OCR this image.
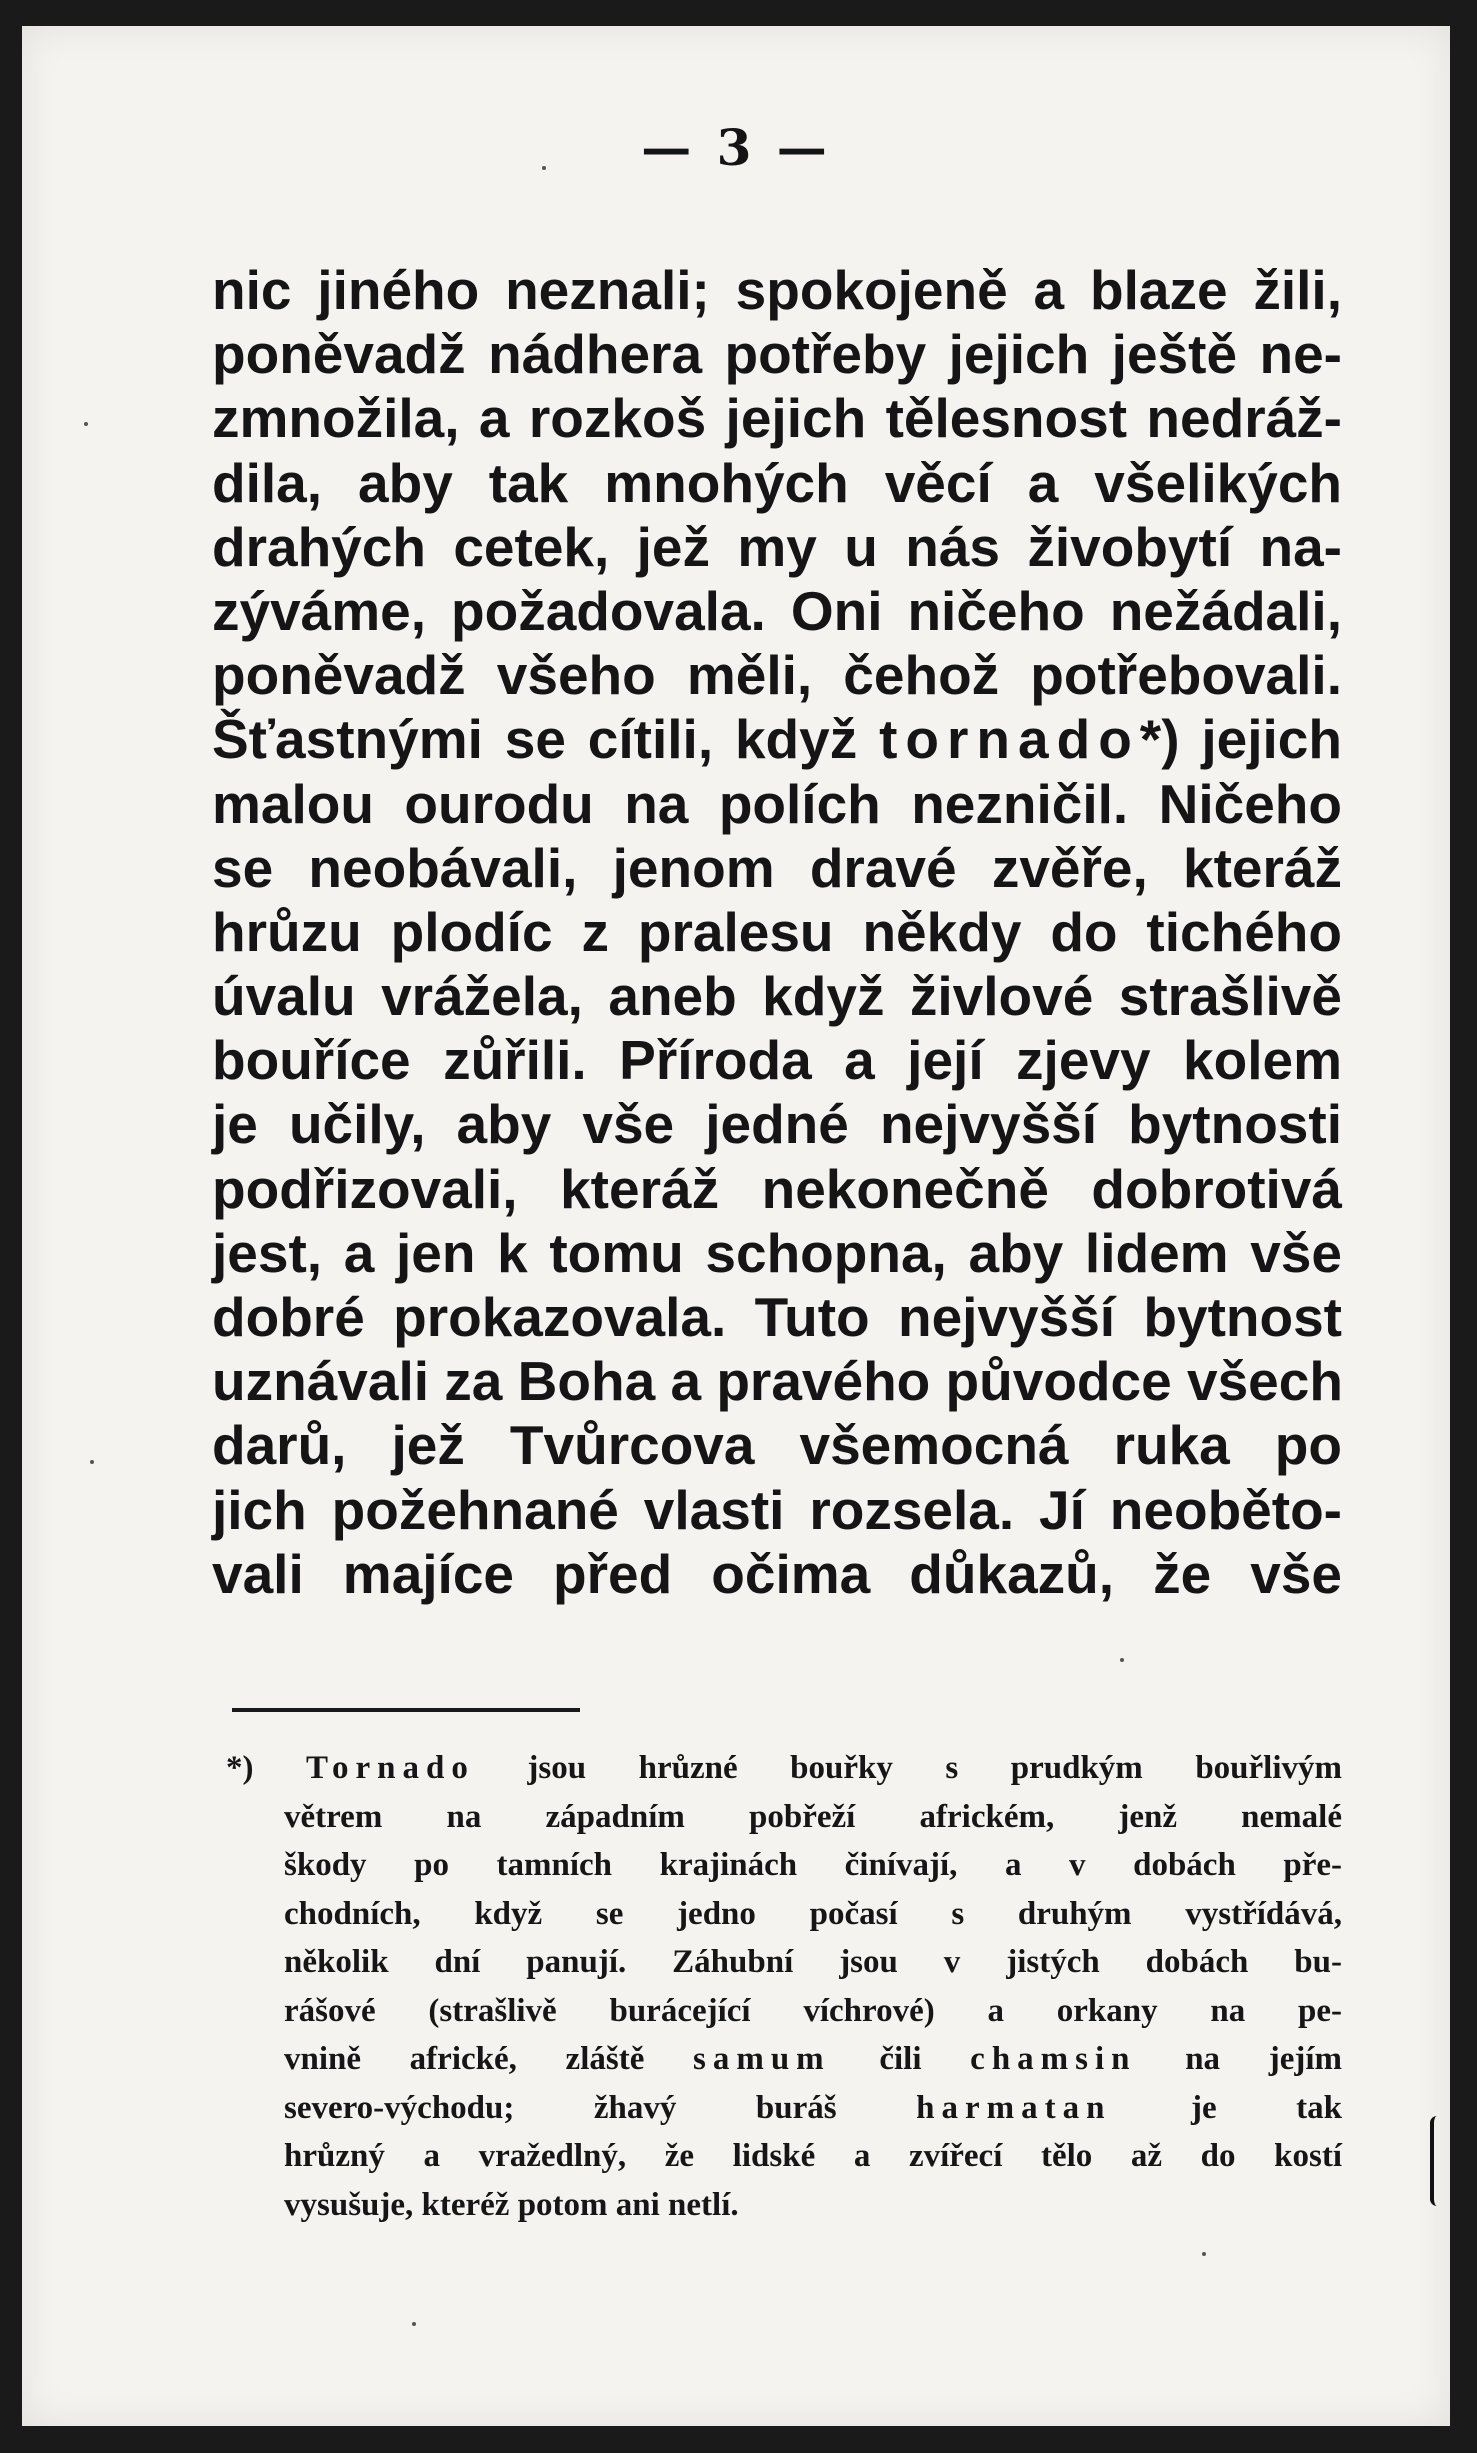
— 3 —
nic jiného neznali; spokojeně a blaze žili,
poněvadž nádhera potřeby jejich ještě ne-
zmnožila, a rozkoš jejich tělesnost nedráž-
dila, aby tak mnohých věcí a všelikých
drahých cetek, jež my u nás živobytí na-
zýváme, požadovala. Oni ničeho nežádali,
poněvadž všeho měli, čehož potřebovali.
Šťastnými se cítili, když tornado*) jejich
malou ourodu na polích nezničil. Ničeho
se neobávali, jenom dravé zvěře, kteráž
hrůzu plodíc z pralesu někdy do tichého
úvalu vrážela, aneb když živlové strašlivě
bouříce zůřili. Příroda a její zjevy kolem
je učily, aby vše jedné nejvyšší bytnosti
podřizovali, kteráž nekonečně dobrotivá
jest, a jen k tomu schopna, aby lidem vše
dobré prokazovala. Tuto nejvyšší bytnost
uznávali za Boha a pravého původce všech
darů, jež Tvůrcova všemocná ruka po
jich požehnané vlasti rozsela. Jí neoběto-
vali majíce před očima důkazů, že vše
*) Tornado jsou hrůzné bouřky s prudkým bouřlivým
větrem na západním pobřeží africkém, jenž nemalé
škody po tamních krajinách činívají, a v dobách pře-
chodních, když se jedno počasí s druhým vystřídává,
několik dní panují. Záhubní jsou v jistých dobách bu-
rášové (strašlivě burácející víchrové) a orkany na pe-
vnině africké, zláště samum čili chamsin na jejím
severo-východu; žhavý buráš harmatan je tak
hrůzný a vražedlný, že lidské a zvířecí tělo až do kostí
vysušuje, kteréž potom ani netlí.
